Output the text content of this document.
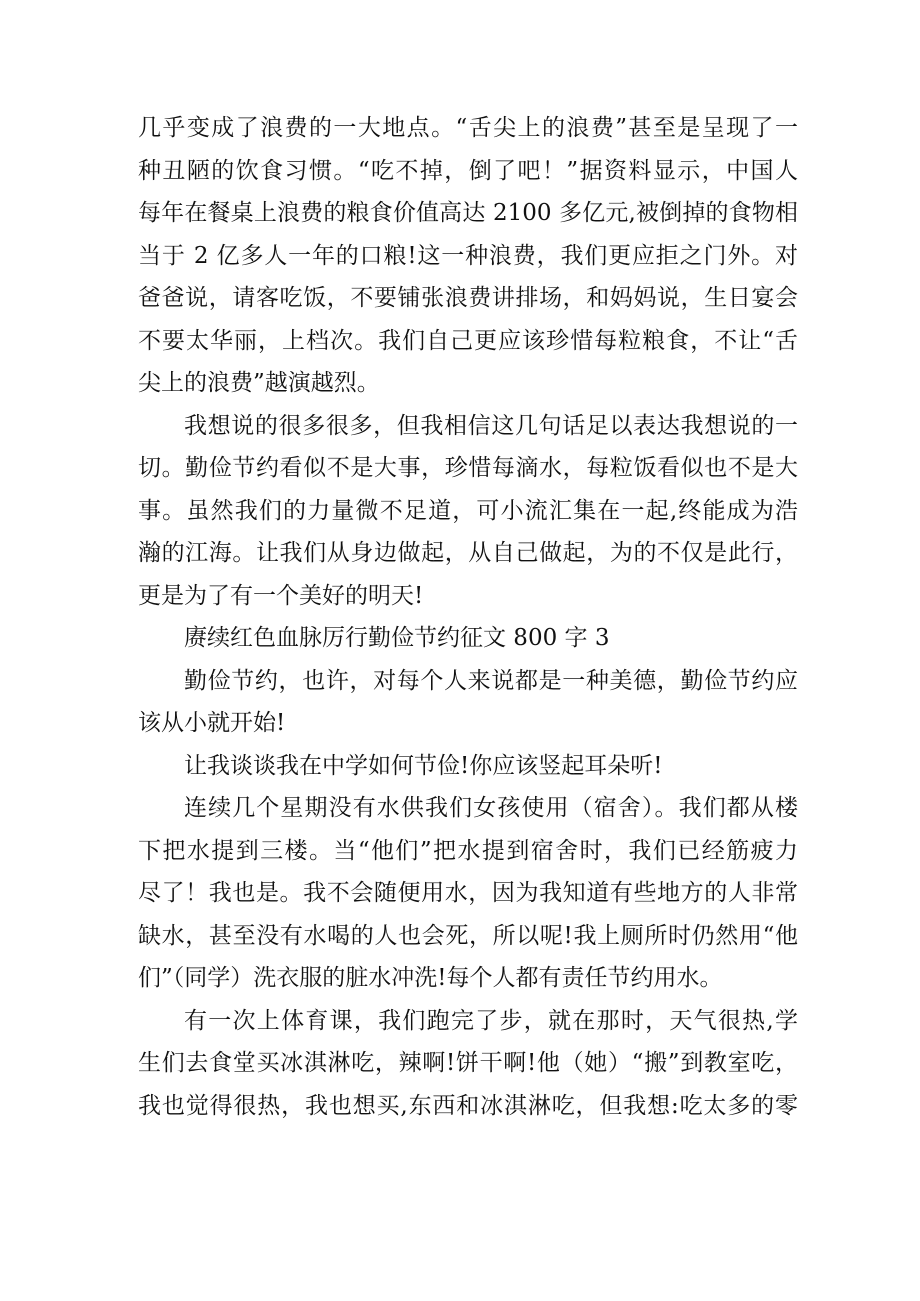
几乎变成了浪费的一大地点。“舌尖上的浪费”甚至是呈现了一
种丑陋的饮食习惯。“吃不掉，倒了吧！”据资料显示，中国人
每年在餐桌上浪费的粮食价值高达 2100 多亿元,被倒掉的食物相
当于 2 亿多人一年的口粮!这一种浪费，我们更应拒之门外。对
爸爸说，请客吃饭，不要铺张浪费讲排场，和妈妈说，生日宴会
不要太华丽，上档次。我们自己更应该珍惜每粒粮食，不让“舌
尖上的浪费”越演越烈。
我想说的很多很多，但我相信这几句话足以表达我想说的一
切。勤俭节约看似不是大事，珍惜每滴水，每粒饭看似也不是大
事。虽然我们的力量微不足道，可小流汇集在一起,终能成为浩
瀚的江海。让我们从身边做起，从自己做起，为的不仅是此行，
更是为了有一个美好的明天!
赓续红色血脉厉行勤俭节约征文 800 字 3
勤俭节约，也许，对每个人来说都是一种美德，勤俭节约应
该从小就开始!
让我谈谈我在中学如何节俭!你应该竖起耳朵听!
连续几个星期没有水供我们女孩使用（宿舍）。我们都从楼
下把水提到三楼。当“他们”把水提到宿舍时，我们已经筋疲力
尽了！我也是。我不会随便用水，因为我知道有些地方的人非常
缺水，甚至没有水喝的人也会死，所以呢!我上厕所时仍然用“他
们”（同学）洗衣服的脏水冲洗!每个人都有责任节约用水。
有一次上体育课，我们跑完了步，就在那时，天气很热,学
生们去食堂买冰淇淋吃，辣啊!饼干啊!他（她）“搬”到教室吃，
我也觉得很热，我也想买,东西和冰淇淋吃，但我想:吃太多的零
